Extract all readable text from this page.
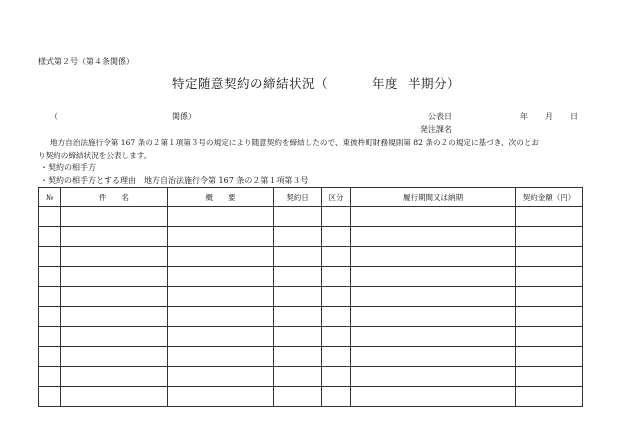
様式第２号（第４条関係）
特定随意契約の締結状況（	年度 半期分）
（	関係）	公表日	年 月 日
発注課名
地方自治法施行令第 167 条の２第１項第３号の規定により随意契約を締結したので、東彼杵町財務規則第 82 条の２の規定に基づき、次のとお
り契約の締結状況を公表します。
・契約の相手方
・契約の相手方とする理由　地方自治法施行令第 167 条の２第１項第３号
№	件　　名	概　　要	契約日	区分	履行期間又は納期	契約金額（円）
